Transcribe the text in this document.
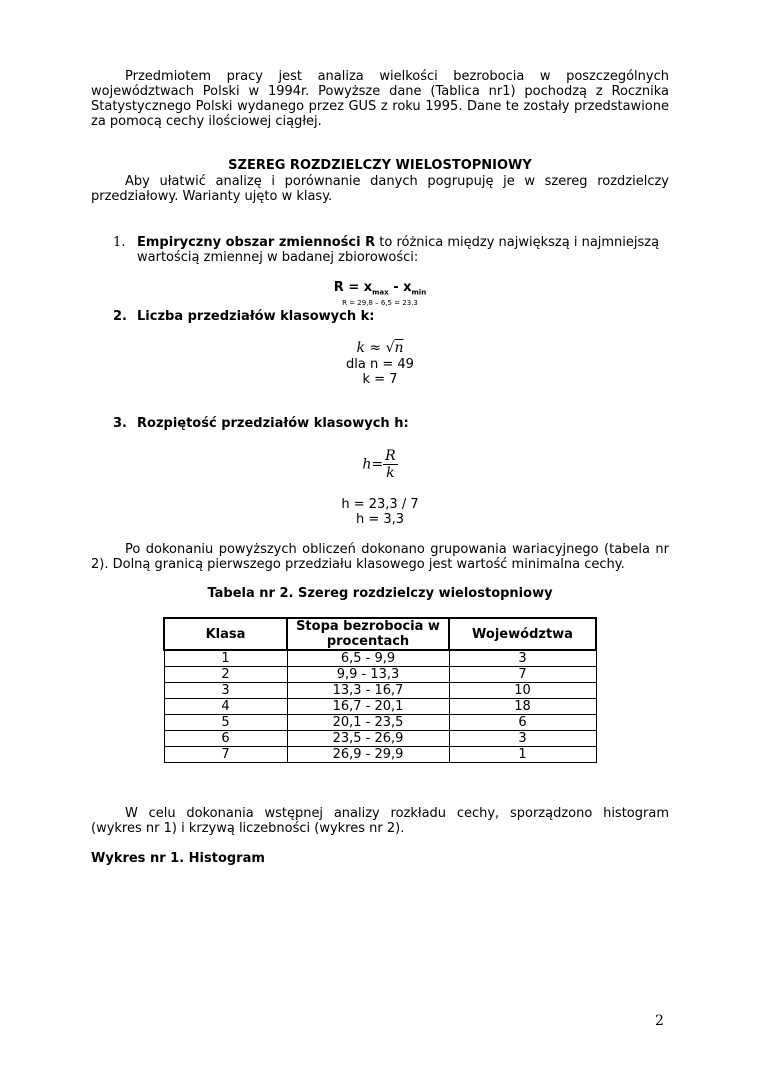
Przedmiotem pracy jest analiza wielkości bezrobocia w poszczególnych województwach Polski w 1994r. Powyższe dane (Tablica nr1) pochodzą z Rocznika Statystycznego Polski wydanego przez GUS z roku 1995. Dane te zostały przedstawione za pomocą cechy ilościowej ciągłej.

SZEREG ROZDZIELCZY WIELOSTOPNIOWY

Aby ułatwić analizę i porównanie danych pogrupuję je w szereg rozdzielczy przedziałowy. Warianty ujęto w klasy.

1. Empiryczny obszar zmienności R to różnica między największą i najmniejszą wartością zmiennej w badanej zbiorowości:

$R = x_{max} - x_{min}$

R = 29,8 – 6,5 = 23.3

2. Liczba przedziałów klasowych k:

k ≈ √n

dla n = 49

k = 7

3. Rozpiętość przedziałów klasowych h:

$h= \frac{R}{k}$

h = 23,3 / 7

h = 3,3

Po dokonaniu powyższych obliczeń dokonano grupowania wariacyjnego (tabela nr 2). Dolną granicą pierwszego przedziału klasowego jest wartość minimalna cechy.

Tabela nr 2. Szereg rozdzielczy wielostopniowy

Klasa	Stopa bezrobocia w procentach	Województwa
1	6,5 - 9,9	3
2	9,9 - 13,3	7
3	13,3 - 16,7	10
4	16,7 - 20,1	18
5	20,1 - 23,5	6
6	23,5 - 26,9	3
7	26,9 - 29,9	1

W celu dokonania wstępnej analizy rozkładu cechy, sporządzono histogram (wykres nr 1) i krzywą liczebności (wykres nr 2).

Wykres nr 1. Histogram

2
